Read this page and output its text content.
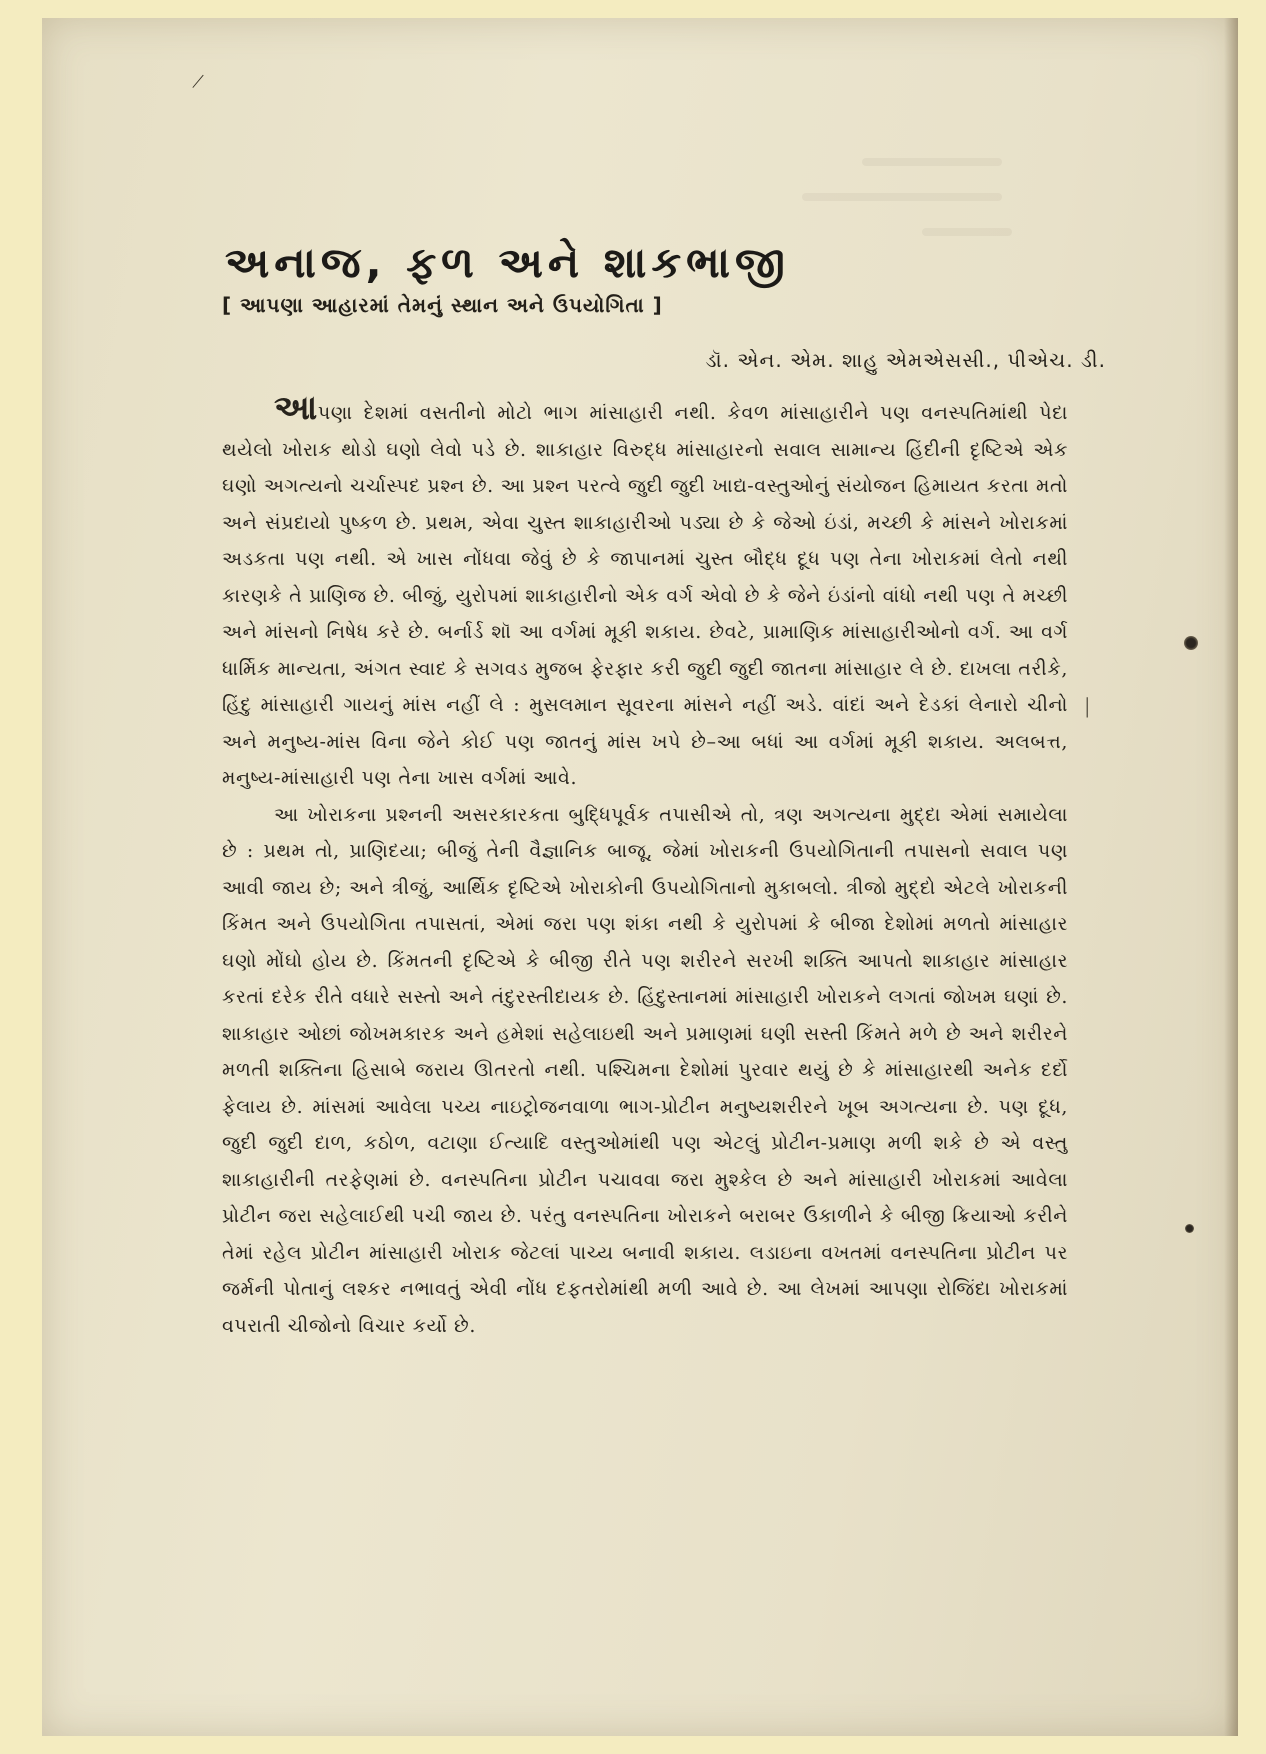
|
|
અનાજ, ફળ અને શાકભાજી
[ આપણા આહારમાં તેમનું સ્થાન અને ઉપયોગિતા ]
ડૉ. એન. એમ. શાહુ એમએસસી., પીએચ. ડી.

આપણા દેશમાં વસતીનો મોટો ભાગ માંસાહારી નથી. કેવળ માંસાહારીને પણ વનસ્પતિમાંથી પેદા થયેલો ખોરાક થોડો ઘણો લેવો પડે છે. શાકાહાર વિરુદ્ધ માંસાહારનો સવાલ સામાન્ય હિંદીની દૃષ્ટિએ એક ઘણો અગત્યનો ચર્ચાસ્પદ પ્રશ્ન છે. આ પ્રશ્ન પરત્વે જુદી જુદી ખાદ્ય-વસ્તુઓનું સંયોજન હિમાયત કરતા મતો અને સંપ્રદાયો પુષ્કળ છે. પ્રથમ, એવા ચુસ્ત શાકાહારીઓ પડ્યા છે કે જેઓ ઇંડાં, મચ્છી કે માંસને ખોરાકમાં અડકતા પણ નથી. એ ખાસ નોંધવા જેવું છે કે જાપાનમાં ચુસ્ત બૌદ્ધ દૂધ પણ તેના ખોરાકમાં લેતો નથી કારણકે તે પ્રાણિજ છે. બીજું, યુરોપમાં શાકાહારીનો એક વર્ગ એવો છે કે જેને ઇંડાંનો વાંધો નથી પણ તે મચ્છી અને માંસનો નિષેધ કરે છે. બર્નાર્ડ શૉ આ વર્ગમાં મૂકી શકાય. છેવટે, પ્રામાણિક માંસાહારીઓનો વર્ગ. આ વર્ગ ધાર્મિક માન્યતા, અંગત સ્વાદ કે સગવડ મુજબ ફેરફાર કરી જુદી જુદી જાતના માંસાહાર લે છે. દાખલા તરીકે, હિંદુ માંસાહારી ગાયનું માંસ નહીં લે : મુસલમાન સૂવરના માંસને નહીં અડે. વાંદાં અને દેડકાં લેનારો ચીનો અને મનુષ્ય-માંસ વિના જેને કોઈ પણ જાતનું માંસ ખપે છે–આ બધાં આ વર્ગમાં મૂકી શકાય. અલબત્ત, મનુષ્ય-માંસાહારી પણ તેના ખાસ વર્ગમાં આવે.

આ ખોરાકના પ્રશ્નની અસરકારકતા બુદ્ધિપૂર્વક તપાસીએ તો, ત્રણ અગત્યના મુદ્દા એમાં સમાયેલા છે : પ્રથમ તો, પ્રાણિદયા; બીજું તેની વૈજ્ઞાનિક બાજૂ, જેમાં ખોરાકની ઉપયોગિતાની તપાસનો સવાલ પણ આવી જાય છે; અને ત્રીજું, આર્થિક દૃષ્ટિએ ખોરાકોની ઉપયોગિતાનો મુકાબલો. ત્રીજો મુદ્દો એટલે ખોરાકની કિંમત અને ઉપયોગિતા તપાસતાં, એમાં જરા પણ શંકા નથી કે યુરોપમાં કે બીજા દેશોમાં મળતો માંસાહાર ઘણો મોંઘો હોય છે. કિંમતની દૃષ્ટિએ કે બીજી રીતે પણ શરીરને સરખી શક્તિ આપતો શાકાહાર માંસાહાર કરતાં દરેક રીતે વધારે સસ્તો અને તંદુરસ્તીદાયક છે. હિંદુસ્તાનમાં માંસાહારી ખોરાકને લગતાં જોખમ ઘણાં છે. શાકાહાર ઓછાં જોખમકારક અને હમેશાં સહેલાઇથી અને પ્રમાણમાં ઘણી સસ્તી કિંમતે મળે છે અને શરીરને મળતી શક્તિના હિસાબે જરાય ઊતરતો નથી. પશ્ચિમના દેશોમાં પુરવાર થયું છે કે માંસાહારથી અનેક દર્દો ફેલાય છે. માંસમાં આવેલા પચ્ય નાઇટ્રોજનવાળા ભાગ-પ્રોટીન મનુષ્યશરીરને ખૂબ અગત્યના છે. પણ દૂધ, જુદી જુદી દાળ, કઠોળ, વટાણા ઈત્યાદિ વસ્તુઓમાંથી પણ એટલું પ્રોટીન-પ્રમાણ મળી શકે છે એ વસ્તુ શાકાહારીની તરફેણમાં છે. વનસ્પતિના પ્રોટીન પચાવવા જરા મુશ્કેલ છે અને માંસાહારી ખોરાકમાં આવેલા પ્રોટીન જરા સહેલાઈથી પચી જાય છે. પરંતુ વનસ્પતિના ખોરાકને બરાબર ઉકાળીને કે બીજી ક્રિયાઓ કરીને તેમાં રહેલ પ્રોટીન માંસાહારી ખોરાક જેટલાં પાચ્ય બનાવી શકાય. લડાઇના વખતમાં વનસ્પતિના પ્રોટીન પર જર્મની પોતાનું લશ્કર નભાવતું એવી નોંધ દફતરોમાંથી મળી આવે છે. આ લેખમાં આપણા રોજિંદા ખોરાકમાં વપરાતી ચીજોનો વિચાર કર્યો છે.
